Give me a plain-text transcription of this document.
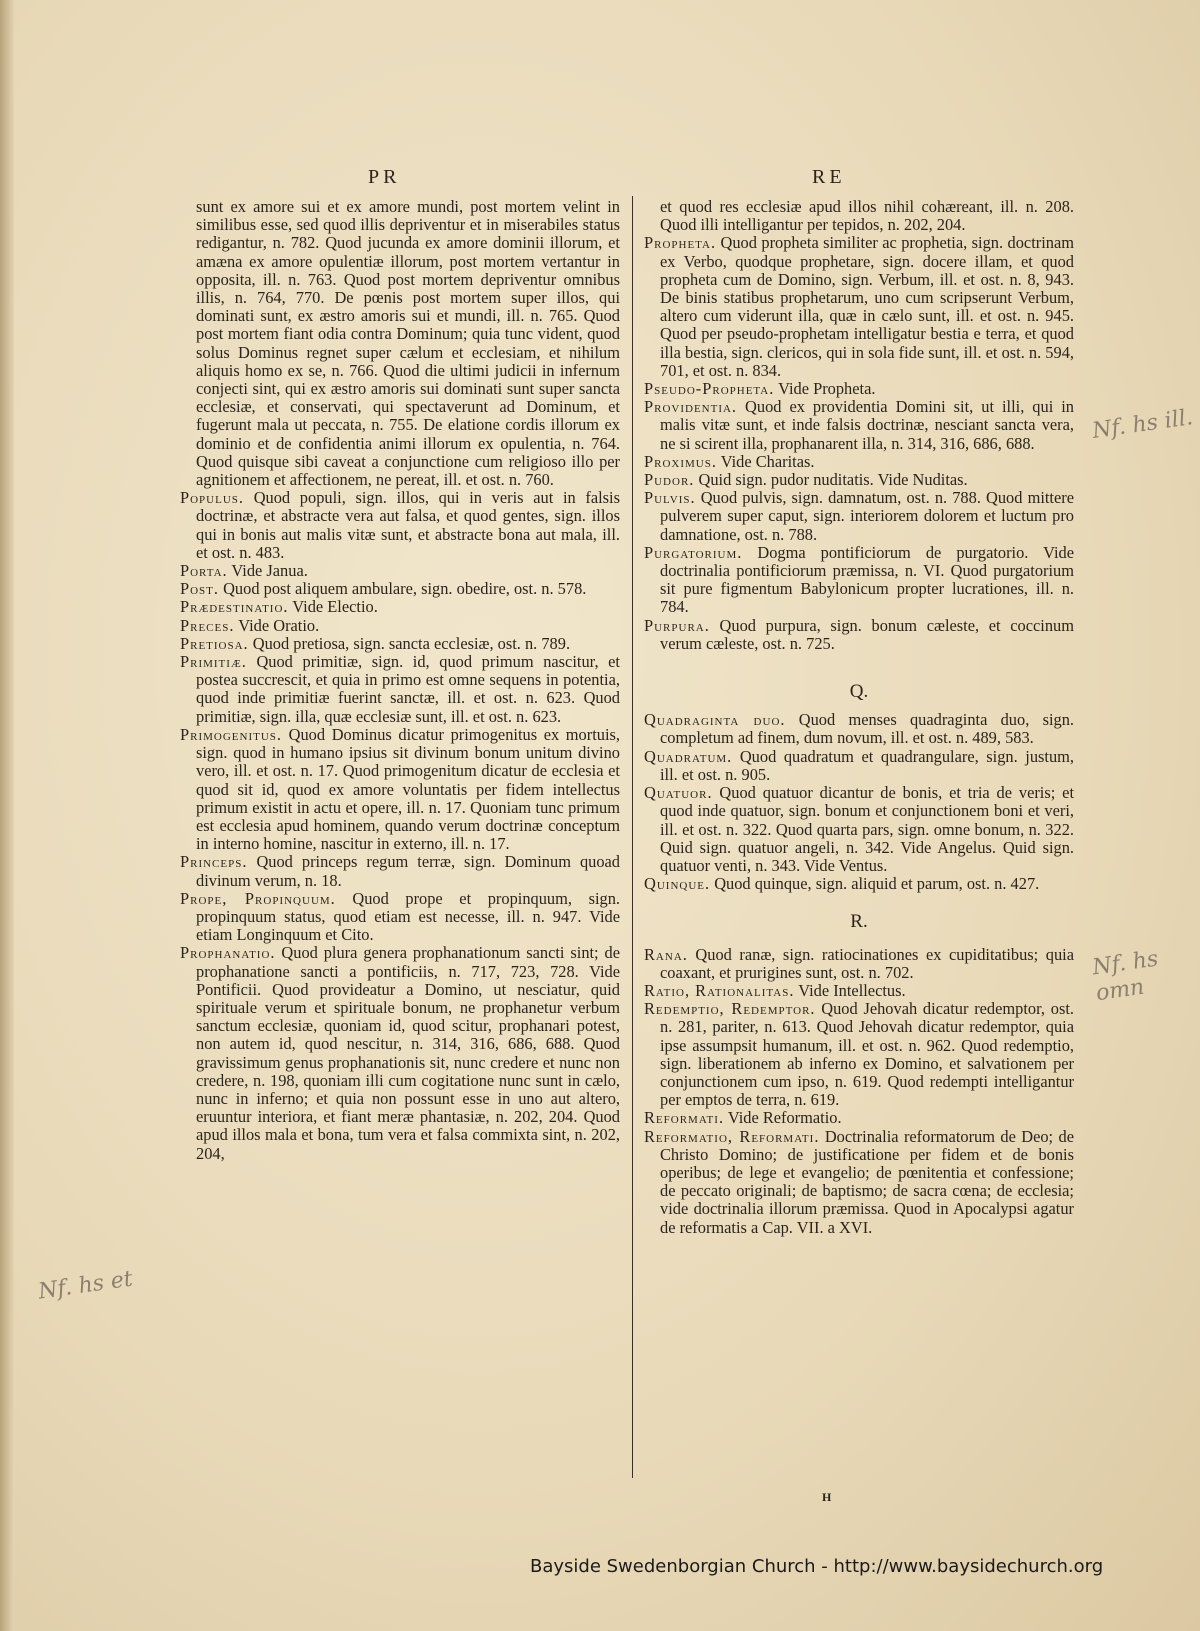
PR	RE
sunt ex amore sui et ex amore mundi, post mortem velint in similibus esse, sed quod illis depriventur et in miserabiles status redigantur, n. 782. Quod jucunda ex amore dominii illorum, et amæna ex amore opulentiæ illorum, post mortem vertantur in opposita, ill. n. 763. Quod post mortem depriventur omnibus illis, n. 764, 770. De pœnis post mortem super illos, qui dominati sunt, ex æstro amoris sui et mundi, ill. n. 765. Quod post mortem fiant odia contra Dominum; quia tunc vident, quod solus Dominus regnet super cælum et ecclesiam, et nihilum aliquis homo ex se, n. 766. Quod die ultimi judicii in infernum conjecti sint, qui ex æstro amoris sui dominati sunt super sancta ecclesiæ, et conservati, qui spectaverunt ad Dominum, et fugerunt mala ut peccata, n. 755. De elatione cordis illorum ex dominio et de confidentia animi illorum ex opulentia, n. 764. Quod quisque sibi caveat a conjunctione cum religioso illo per agnitionem et affectionem, ne pereat, ill. et ost. n. 760.
Populus. Quod populi, sign. illos, qui in veris aut in falsis doctrinæ, et abstracte vera aut falsa, et quod gentes, sign. illos qui in bonis aut malis vitæ sunt, et abstracte bona aut mala, ill. et ost. n. 483.
Porta. Vide Janua.
Post. Quod post aliquem ambulare, sign. obedire, ost. n. 578.
Prædestinatio. Vide Electio.
Preces. Vide Oratio.
Pretiosa. Quod pretiosa, sign. sancta ecclesiæ, ost. n. 789.
Primitiæ. Quod primitiæ, sign. id, quod primum nascitur, et postea succrescit, et quia in primo est omne sequens in potentia, quod inde primitiæ fuerint sanctæ, ill. et ost. n. 623. Quod primitiæ, sign. illa, quæ ecclesiæ sunt, ill. et ost. n. 623.
Primogenitus. Quod Dominus dicatur primogenitus ex mortuis, sign. quod in humano ipsius sit divinum bonum unitum divino vero, ill. et ost. n. 17. Quod primogenitum dicatur de ecclesia et quod sit id, quod ex amore voluntatis per fidem intellectus primum existit in actu et opere, ill. n. 17. Quoniam tunc primum est ecclesia apud hominem, quando verum doctrinæ conceptum in interno homine, nascitur in externo, ill. n. 17.
Princeps. Quod princeps regum terræ, sign. Dominum quoad divinum verum, n. 18.
Prope, Propinquum. Quod prope et propinquum, sign. propinquum status, quod etiam est necesse, ill. n. 947. Vide etiam Longinquum et Cito.
Prophanatio. Quod plura genera prophanationum sancti sint; de prophanatione sancti a pontificiis, n. 717, 723, 728. Vide Pontificii. Quod provideatur a Domino, ut nesciatur, quid spirituale verum et spirituale bonum, ne prophanetur verbum sanctum ecclesiæ, quoniam id, quod scitur, prophanari potest, non autem id, quod nescitur, n. 314, 316, 686, 688. Quod gravissimum genus prophanationis sit, nunc credere et nunc non credere, n. 198, quoniam illi cum cogitatione nunc sunt in cælo, nunc in inferno; et quia non possunt esse in uno aut altero, eruuntur interiora, et fiant meræ phantasiæ, n. 202, 204. Quod apud illos mala et bona, tum vera et falsa commixta sint, n. 202, 204,
et quod res ecclesiæ apud illos nihil cohæreant, ill. n. 208. Quod illi intelligantur per tepidos, n. 202, 204.
Propheta. Quod propheta similiter ac prophetia, sign. doctrinam ex Verbo, quodque prophetare, sign. docere illam, et quod propheta cum de Domino, sign. Verbum, ill. et ost. n. 8, 943. De binis statibus prophetarum, uno cum scripserunt Verbum, altero cum viderunt illa, quæ in cælo sunt, ill. et ost. n. 945. Quod per pseudo-prophetam intelligatur bestia e terra, et quod illa bestia, sign. clericos, qui in sola fide sunt, ill. et ost. n. 594, 701, et ost. n. 834.
Pseudo-Propheta. Vide Propheta.
Providentia. Quod ex providentia Domini sit, ut illi, qui in malis vitæ sunt, et inde falsis doctrinæ, nesciant sancta vera, ne si scirent illa, prophanarent illa, n. 314, 316, 686, 688.
Proximus. Vide Charitas.
Pudor. Quid sign. pudor nuditatis. Vide Nuditas.
Pulvis. Quod pulvis, sign. damnatum, ost. n. 788. Quod mittere pulverem super caput, sign. interiorem dolorem et luctum pro damnatione, ost. n. 788.
Purgatorium. Dogma pontificiorum de purgatorio. Vide doctrinalia pontificiorum præmissa, n. VI. Quod purgatorium sit pure figmentum Babylonicum propter lucrationes, ill. n. 784.
Purpura. Quod purpura, sign. bonum cæleste, et coccinum verum cæleste, ost. n. 725.
Q.
Quadraginta duo. Quod menses quadraginta duo, sign. completum ad finem, dum novum, ill. et ost. n. 489, 583.
Quadratum. Quod quadratum et quadrangulare, sign. justum, ill. et ost. n. 905.
Quatuor. Quod quatuor dicantur de bonis, et tria de veris; et quod inde quatuor, sign. bonum et conjunctionem boni et veri, ill. et ost. n. 322. Quod quarta pars, sign. omne bonum, n. 322. Quid sign. quatuor angeli, n. 342. Vide Angelus. Quid sign. quatuor venti, n. 343. Vide Ventus.
Quinque. Quod quinque, sign. aliquid et parum, ost. n. 427.
R.
Rana. Quod ranæ, sign. ratiocinationes ex cupiditatibus; quia coaxant, et prurigines sunt, ost. n. 702.
Ratio, Rationalitas. Vide Intellectus.
Redemptio, Redemptor. Quod Jehovah dicatur redemptor, ost. n. 281, pariter, n. 613. Quod Jehovah dicatur redemptor, quia ipse assumpsit humanum, ill. et ost. n. 962. Quod redemptio, sign. liberationem ab inferno ex Domino, et salvationem per conjunctionem cum ipso, n. 619. Quod redempti intelligantur per emptos de terra, n. 619.
Reformati. Vide Reformatio.
Reformatio, Reformati. Doctrinalia reformatorum de Deo; de Christo Domino; de justificatione per fidem et de bonis operibus; de lege et evangelio; de pœnitentia et confessione; de peccato originali; de baptismo; de sacra cœna; de ecclesia; vide doctrinalia illorum præmissa. Quod in Apocalypsi agatur de reformatis a Cap. VII. a XVI.
H
Nf. hs ill.
Nf. hs omn
Nf. hs et
Bayside Swedenborgian Church - http://www.baysidechurch.org
